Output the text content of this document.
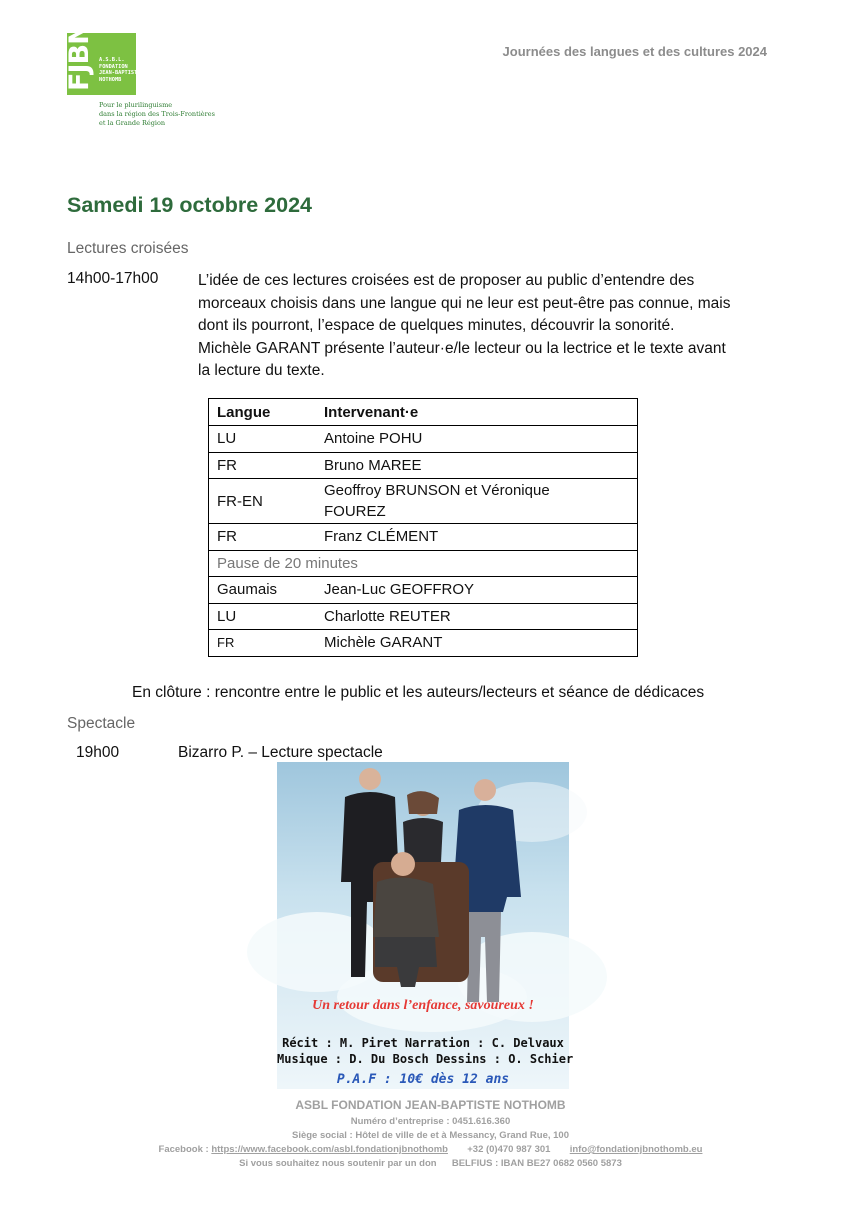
FJBN A.S.B.L.
FONDATION
JEAN-BAPTISTE
NOTHOMB
Pour le plurilinguisme
dans la région des Trois-Frontières
et la Grande Région
Journées des langues et des cultures 2024
Samedi 19 octobre 2024
Lectures croisées
14h00-17h00	L’idée de ces lectures croisées est de proposer au public d’entendre des
morceaux choisis dans une langue qui ne leur est peut-être pas connue, mais
dont ils pourront, l’espace de quelques minutes, découvrir la sonorité.
Michèle GARANT présente l’auteur·e/le lecteur ou la lectrice et le texte avant
la lecture du texte.
Langue	Intervenant·e
LU	Antoine POHU
FR	Bruno MAREE
FR-EN	Geoffroy BRUNSON et Véronique
FOUREZ

FR	Franz CLÉMENT
Pause de 20 minutes	
Gaumais	Jean-Luc GEOFFROY
LU	Charlotte REUTER
FR	Michèle GARANT
En clôture : rencontre entre le public et les auteurs/lecteurs et séance de dédicaces
Spectacle
19h00	Bizarro P. – Lecture spectacle
Un retour dans l’enfance, savoureux !
Récit : M. Piret Narration : C. Delvaux
Musique : D. Du Bosch Dessins : O. Schier
P.A.F : 10€ dès 12 ans
ASBL FONDATION JEAN-BAPTISTE NOTHOMB
Numéro d’entreprise : 0451.616.360
Siège social : Hôtel de ville de et à Messancy, Grand Rue, 100
Facebook : https://www.facebook.com/asbl.fondationjbnothomb +32 (0)470 987 301 info@fondationjbnothomb.eu
Si vous souhaitez nous soutenir par un don BELFIUS : IBAN BE27 0682 0560 5873
